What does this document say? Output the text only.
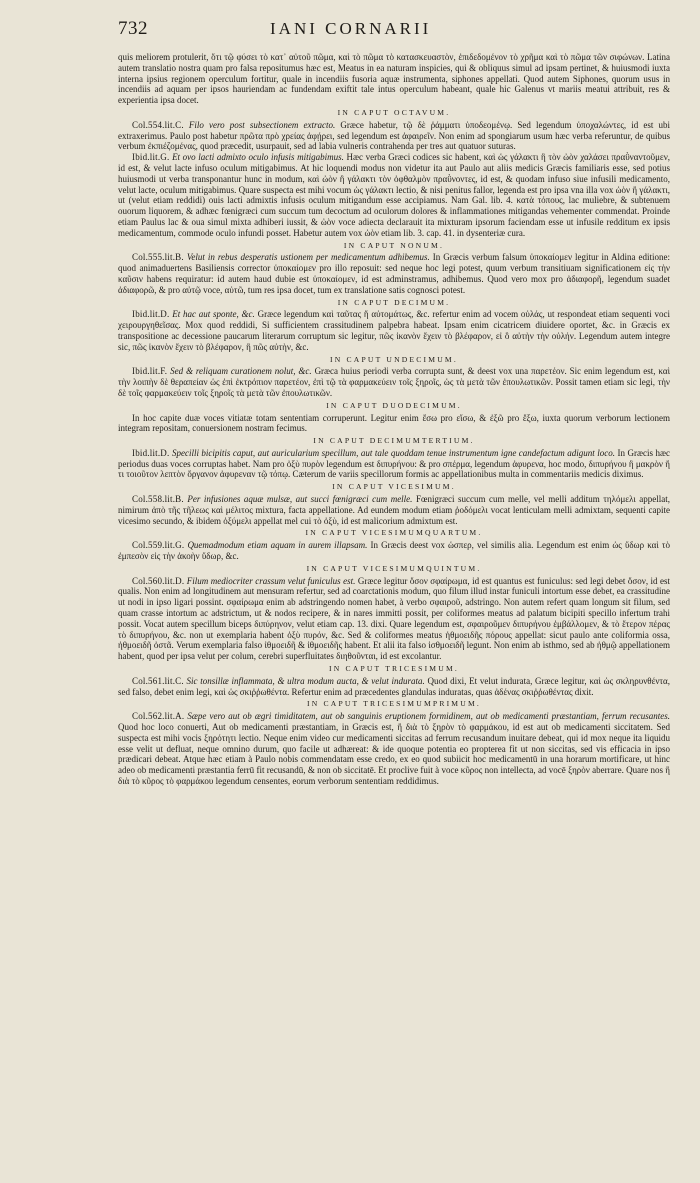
732	IANI CORNARII

quis meliorem protulerit, ὅτι τῷ φύσει τὸ κατ᾽ αὐτοῦ πῶμα, καὶ τὸ πῶμα τὸ κατασκευαστὸν, ἐπιδεδομένον τὸ χρῆμα καὶ τὸ πῶμα τῶν σιφώνων. Latina autem translatio nostra quam pro falsa repositumus hæc est, Meatus in ea naturam inspicies, qui & obliquus simul ad ipsam pertinet, & huiusmodi iuxta interna ipsius regionem operculum fortitur, quale in incendiis fusoria aquæ instrumenta, siphones appellati. Quod autem Siphones, quorum usus in incendiis ad aquam per ipsos hauriendam ac fundendam exiftit tale intus operculum habeant, quale hic Galenus vt mariis meatui attribuit, res & experientia ipsa docet.

IN CAPUT OCTAVUM.

Col.554.lit.C. Filo vero post subsectionem extracto. Græce habetur, τῷ δὲ ῥάμματι ὑποδεομένῳ. Sed legendum ὑποχαλώντες, id est ubi extraxerimus. Paulo post habetur πρῶτα πρὸ χρείας ἀφῄρει, sed legendum est ἀφαιρεῖν. Non enim ad spongiarum usum hæc verba referuntur, de quibus verbum ἐκπιέζομένας, quod præcedit, usurpauit, sed ad labia vulneris contrahenda per tres aut quatuor suturas.

Ibid.lit.G. Et ovo lacti admixto oculo infusis mitigabimus. Hæc verba Græci codices sic habent, καὶ ὡς γάλακτι ἢ τὸν ὠὸν χαλάσει πραῢναντοῦμεν, id est, & velut lacte infuso oculum mitigabimus. At hic loquendi modus non videtur ita aut Paulo aut aliis medicis Græcis familiaris esse, sed potius huiusmodi ut verba transponantur hunc in modum, καὶ ὠὸν ἢ γάλακτι τὸν ὀφθαλμὸν πραῢνοντες, id est, & quodam infuso siue infusili medicamento, velut lacte, oculum mitigabimus. Quare suspecta est mihi vocum ὡς γάλακτι lectio, & nisi penitus fallor, legenda est pro ipsa vna illa vox ὠὸν ἢ γάλακτι, ut (velut etiam reddidi) ouis lacti admixtis infusis oculum mitigandum esse accipiamus. Nam Gal. lib. 4. κατὰ τόπους, lac muliebre, & subtenuem ouorum liquorem, & adhæc fœnigræci cum succum tum decoctum ad oculorum dolores & inflammationes mitigandas vehementer commendat. Proinde etiam Paulus lac & oua simul mixta adhiberi iussit, & ὠὸν voce adiecta declarauit ita mixturam ipsorum faciendam esse ut infusile redditum ex ipsis medicamentum, commode oculo infundi posset. Habetur autem vox ὠὸν etiam lib. 3. cap. 41. in dysenteriæ cura.

IN CAPUT NONUM.

Col.555.lit.B. Velut in rebus desperatis ustionem per medicamentum adhibemus. In Græcis verbum falsum ὑποκαίομεν legitur in Aldina editione: quod animaduertens Basiliensis corrector ὑποκαίομεν pro illo reposuit: sed neque hoc legi potest, quum verbum transitiuam significationem εἰς τὴν καῦσιν habens requiratur: id autem haud dubie est ὑποκαίομεν, id est adminstramus, adhibemus. Quod vero mox pro ἀδιαφορῆ, legendum suadet ἀδιαφορῶ, & pro αὐτῷ voce, αὐτῶ, tum res ipsa docet, tum ex translatione satis cognosci potest.

IN CAPUT DECIMUM.

Ibid.lit.D. Et hac aut sponte, &c. Græce legendum καὶ ταῦτας ἤ αὐτομάτως, &c. refertur enim ad vocem οὐλάς, ut respondeat etiam sequenti voci χειρουργηθεῖσας. Mox quod reddidi, Si sufficientem crassitudinem palpebra habeat. Ipsam enim cicatricem diuidere oportet, &c. in Græcis ex transpositione ac decessione paucarum literarum corruptum sic legitur, πῶς ἱκανὸν ἔχειν τὸ βλέφαρον, εἰ ὃ αὐτὴν τὴν οὐλήν. Legendum autem integre sic, πῶς ἱκανὸν ἔχειν τὸ βλέφαρον, ἢ πῶς αὐτὴν, &c.

IN CAPUT UNDECIMUM.

Ibid.lit.F. Sed & reliquam curationem nolut, &c. Græca huius periodi verba corrupta sunt, & deest vox una παρετέον. Sic enim legendum est, καὶ τὴν λοιπὴν δὲ θεραπείαν ὡς ἐπὶ ἐκτρόπιον παρετέον, ἐπὶ τῷ τὰ φαρμακεύειν τοῖς ξηροῖς, ὡς τὰ μετὰ τῶν ἐπουλωτικῶν. Possit tamen etiam sic legi, τὴν δὲ τοῖς φαρμακεύειν τοῖς ξηροῖς τὰ μετὰ τῶν ἐπουλωτικῶν.

IN CAPUT DUODECIMUM.

In hoc capite duæ voces vitiatæ totam sententiam corruperunt. Legitur enim ἔσω pro εἴσω, & ἐξῶ pro ἔξω, iuxta quorum verborum lectionem integram repositam, conuersionem nostram fecimus.

IN CAPUT DECIMUMTERTIUM.

Ibid.lit.D. Specilli bicipitis caput, aut auricularium specillum, aut tale quoddam tenue instrumentum igne candefactum adigunt loco. In Græcis hæc periodus duas voces corruptas habet. Nam pro ὀξὺ πυρὸν legendum est διπυρήνου: & pro σπέρμα, legendum ἀφυρενα, hoc modo, διπυρήνου ἢ μακρὸν ἤ τι τοιοῦτον λεπτὸν ὄργανον ἀφυρεναν τῷ τόπῳ. Cæterum de variis specillorum formis ac appellationibus multa in commentariis medicis diximus.

IN CAPUT VICESIMUM.

Col.558.lit.B. Per infusiones aquæ mulsæ, aut succi fœnigræci cum melle. Fœnigræci succum cum melle, vel melli additum τηλόμελι appellat, nimirum ἀπὸ τῆς τῆλεως καὶ μέλιτος mixtura, facta appellatione. Ad eundem modum etiam ῥοδόμελι vocat lenticulam melli admixtam, sequenti capite vicesimo secundo, & ibidem ὀξύμελι appellat mel cui τὸ ὀξὺ, id est malicorium admixtum est.

IN CAPUT VICESIMUMQUARTUM.

Col.559.lit.G. Quemadmodum etiam aquam in aurem illapsam. In Græcis deest vox ὡσπερ, vel similis alia. Legendum est enim ὡς ὕδωρ καὶ τὸ ἐμπεσὸν εἰς τὴν ἀκοὴν ὕδωρ, &c.

IN CAPUT VICESIMUMQUINTUM.

Col.560.lit.D. Filum mediocriter crassum velut funiculus est. Græce legitur ὅσον σφαίρωμα, id est quantus est funiculus: sed legi debet ὅσον, id est qualis. Non enim ad longitudinem aut mensuram refertur, sed ad coarctationis modum, quo filum illud instar funiculi intortum esse debet, ea crassitudine ut nodi in ipso ligari possint. σφαίρωμα enim ab adstringendo nomen habet, à verbo σφαιροῦ, adstringo. Non autem refert quam longum sit filum, sed quam crasse intortum ac adstrictum, ut & nodos recipere, & in nares immitti possit, per coliformes meatus ad palatum bicipiti specillo infertum trahi possit. Vocat autem specillum biceps διπύρηνον, velut etiam cap. 13. dixi. Quare legendum est, σφαιροῦμεν διπυρήνου ἐμβάλλομεν, & τὸ ἔτερον πέρας τὸ διπυρήνου, &c. non ut exemplaria habent ὀξὺ πυρόν, &c. Sed & coliformes meatus ἡθμοειδῆς πόρους appellat: sicut paulo ante coliformia ossa, ἠθμοειδῆ ὀστᾶ. Verum exemplaria falso ἰθμοειδῆ & ἰθμοειδῆς habent. Et alii ita falso ἰσθμοειδῆ legunt. Non enim ab isthmo, sed ab ἡθμῷ appellationem habent, quod per ipsa velut per colum, cerebri superfluitates διηθοῦνται, id est excolantur.

IN CAPUT TRICESIMUM.

Col.561.lit.C. Sic tonsillæ inflammata, & ultra modum aucta, & velut indurata. Quod dixi, Et velut indurata, Græce legitur, καὶ ὡς σκληρυνθέντα, sed falso, debet enim legi, καὶ ὡς σκιῤῥωθέντα. Refertur enim ad præcedentes glandulas induratas, quas ἀδένας σκιῤῥωθέντας dixit.

IN CAPUT TRICESIMUMPRIMUM.

Col.562.lit.A. Sæpe vero aut ob ægri timiditatem, aut ob sanguinis eruptionem formidinem, aut ob medicamenti præstantiam, ferrum recusantes. Quod hoc loco conuerti, Aut ob medicamenti præstantiam, in Græcis est, ἢ διὰ τὸ ξηρὸν τὸ φαρμάκου, id est aut ob medicamenti siccitatem. Sed suspecta est mihi vocis ξηρότητι lectio. Neque enim video cur medicamenti siccitas ad ferrum recusandum inuitare debeat, qui id mox neque ita liquidu esse velit ut defluat, neque omnino durum, quo facile ut adhæreat: & ide quoque potentia eo propterea fit ut non siccitas, sed vis efficacia in ipso prædicari debeat. Atque hæc etiam à Paulo nobis commendatam esse credo, ex eo quod subiicit hoc medicamentū in una horarum mortificare, ut hinc adeo ob medicamenti præstantia ferrū fit recusandū, & non ob siccitatē. Et proclive fuit à voce κῦρος non intellecta, ad vocē ξηρὸν aberrare. Quare nos ἢ διὰ τὸ κῦρος τὸ φαρμάκου legendum censentes, eorum verborum sententiam reddidimus.
